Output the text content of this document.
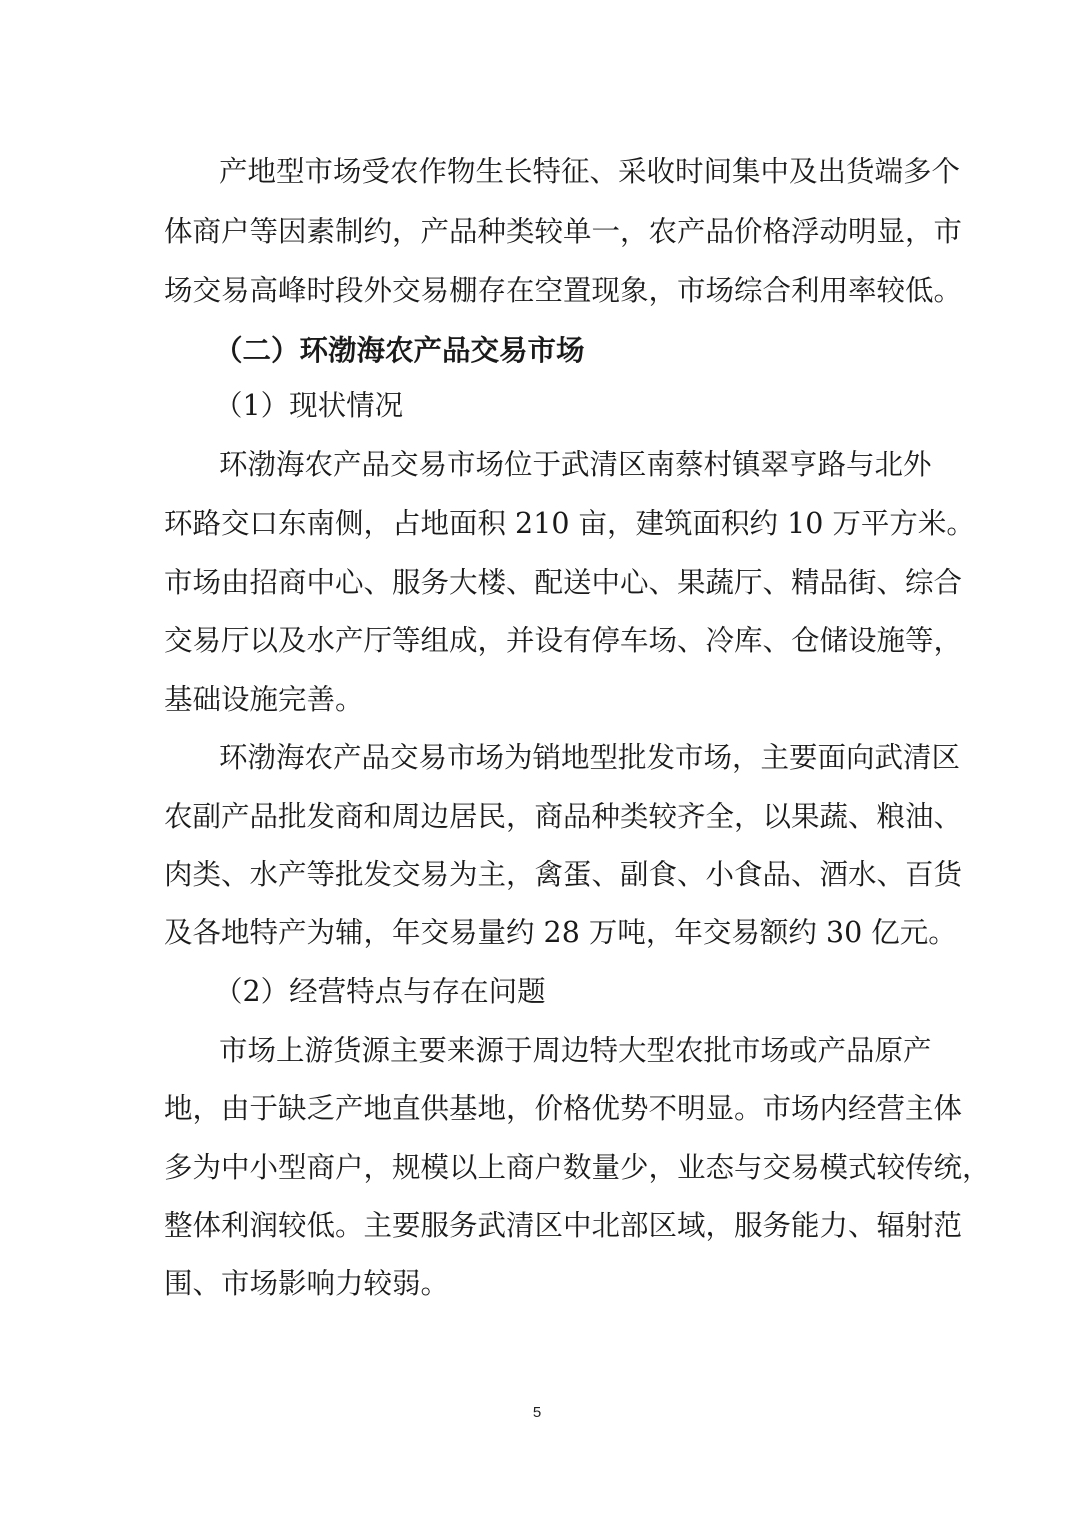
产地型市场受农作物生长特征、采收时间集中及出货端多个
体商户等因素制约，产品种类较单一，农产品价格浮动明显，市
场交易高峰时段外交易棚存在空置现象，市场综合利用率较低。
（二）环渤海农产品交易市场
（1）现状情况
环渤海农产品交易市场位于武清区南蔡村镇翠亨路与北外
环路交口东南侧，占地面积 210 亩，建筑面积约 10 万平方米。
市场由招商中心、服务大楼、配送中心、果蔬厅、精品街、综合
交易厅以及水产厅等组成，并设有停车场、冷库、仓储设施等，
基础设施完善。
环渤海农产品交易市场为销地型批发市场，主要面向武清区
农副产品批发商和周边居民，商品种类较齐全，以果蔬、粮油、
肉类、水产等批发交易为主，禽蛋、副食、小食品、酒水、百货
及各地特产为辅，年交易量约 28 万吨，年交易额约 30 亿元。
（2）经营特点与存在问题
市场上游货源主要来源于周边特大型农批市场或产品原产
地，由于缺乏产地直供基地，价格优势不明显。市场内经营主体
多为中小型商户，规模以上商户数量少，业态与交易模式较传统，
整体利润较低。主要服务武清区中北部区域，服务能力、辐射范
围、市场影响力较弱。
5
